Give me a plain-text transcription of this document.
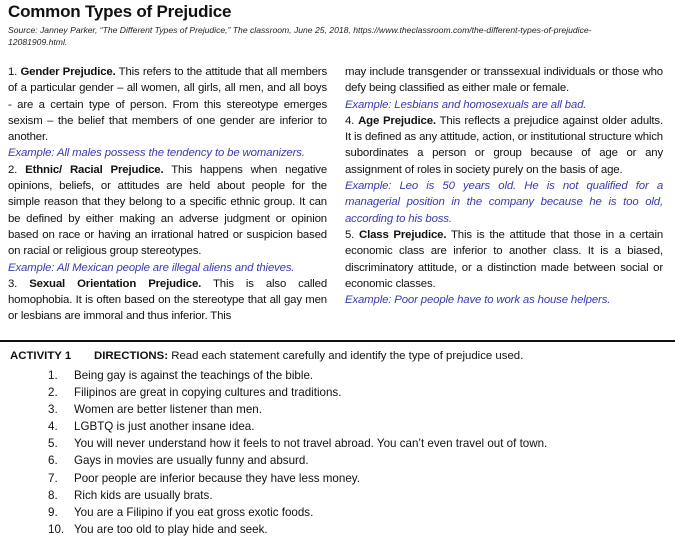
Common Types of Prejudice
Source: Janney Parker, “The Different Types of Prejudice,” The classroom, June 25, 2018, https://www.theclassroom.com/the-different-types-of-prejudice-12081909.html.

1. Gender Prejudice. This refers to the attitude that all members of a particular gender – all women, all girls, all men, and all boys - are a certain type of person. From this stereotype emerges sexism – the belief that members of one gender are inferior to another.

Example: All males possess the tendency to be womanizers.

2. Ethnic/ Racial Prejudice. This happens when negative opinions, beliefs, or attitudes are held about people for the simple reason that they belong to a specific ethnic group. It can be defined by either making an adverse judgment or opinion based on race or having an irrational hatred or suspicion based on racial or religious group stereotypes.

Example: All Mexican people are illegal aliens and thieves.

3. Sexual Orientation Prejudice. This is also called homophobia. It is often based on the stereotype that all gay men or lesbians are immoral and thus inferior. This

may include transgender or transsexual individuals or those who defy being classified as either male or female.

Example: Lesbians and homosexuals are all bad.

4. Age Prejudice. This reflects a prejudice against older adults. It is defined as any attitude, action, or institutional structure which subordinates a person or group because of age or any assignment of roles in society purely on the basis of age.

Example: Leo is 50 years old. He is not qualified for a managerial position in the company because he is too old, according to his boss.

5. Class Prejudice. This is the attitude that those in a certain economic class are inferior to another class. It is a biased, discriminatory attitude, or a distinction made between social or economic classes.

Example: Poor people have to work as house helpers.

ACTIVITY 1 DIRECTIONS: Read each statement carefully and identify the type of prejudice used.
1.	Being gay is against the teachings of the bible.
2.	Filipinos are great in copying cultures and traditions.
3.	Women are better listener than men.
4.	LGBTQ is just another insane idea.
5.	You will never understand how it feels to not travel abroad. You can’t even travel out of town.
6.	Gays in movies are usually funny and absurd.
7.	Poor people are inferior because they have less money.
8.	Rich kids are usually brats.
9.	You are a Filipino if you eat gross exotic foods.
10. You are too old to play hide and seek.
